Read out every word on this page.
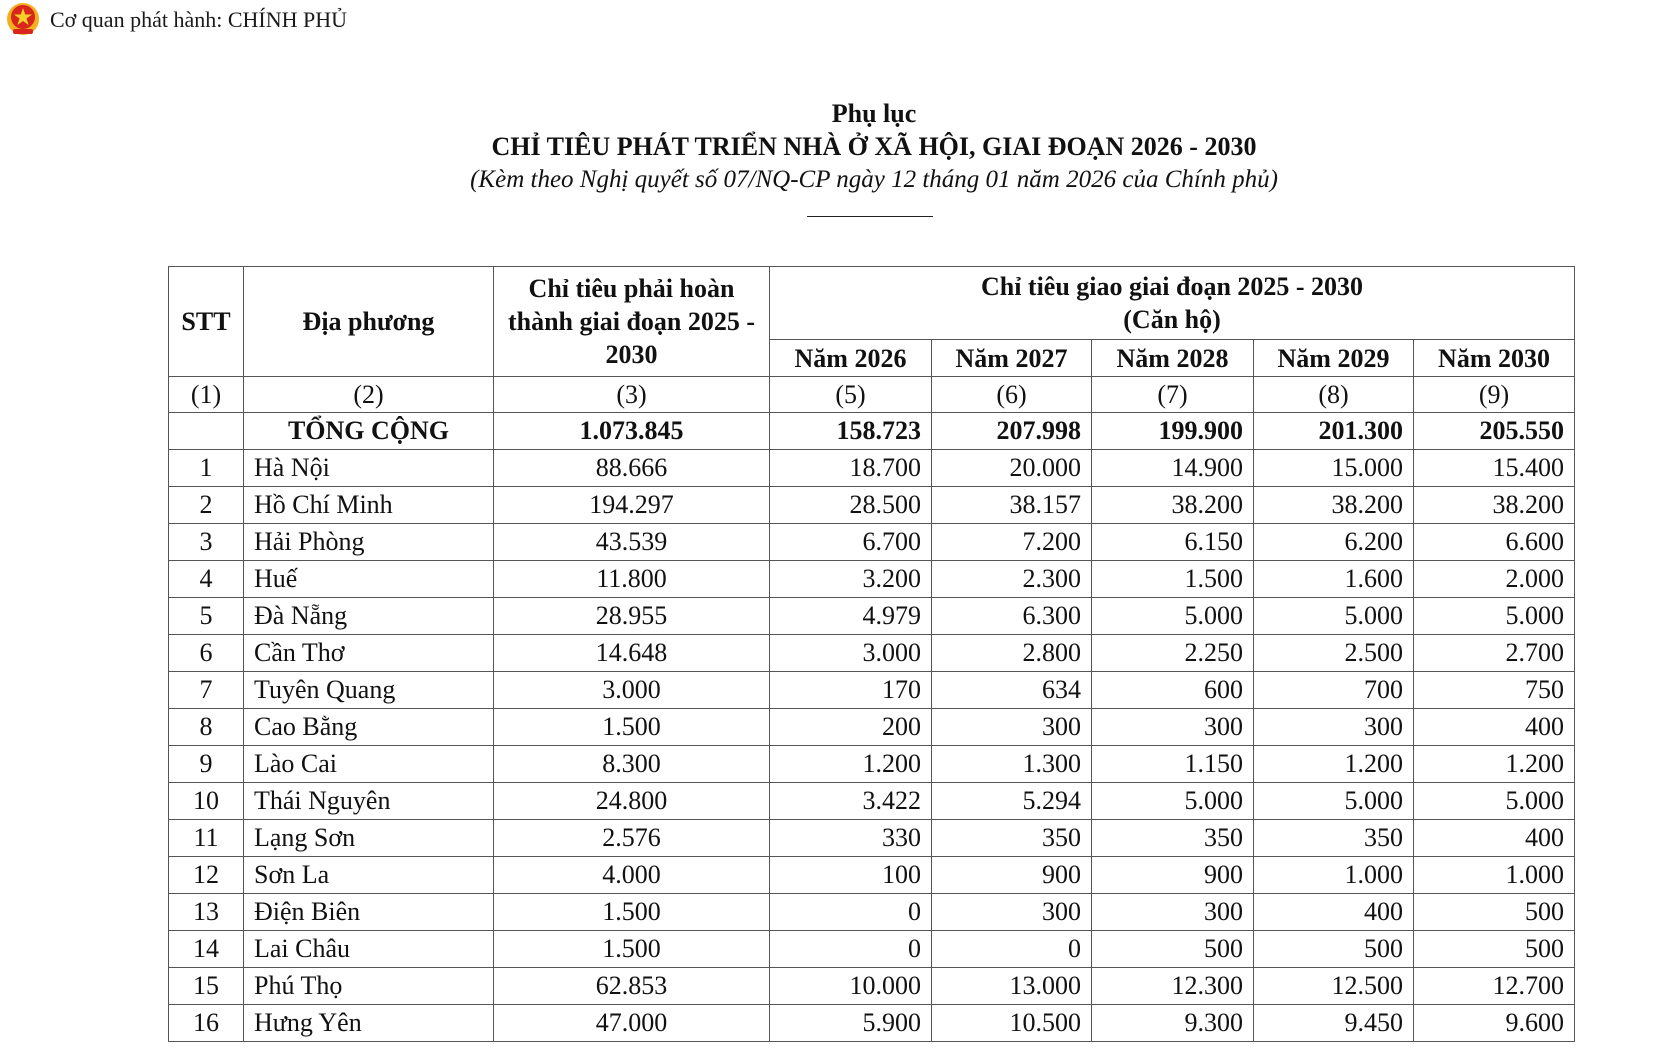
Cơ quan phát hành: CHÍNH PHỦ
Phụ lục
CHỈ TIÊU PHÁT TRIỂN NHÀ Ở XÃ HỘI, GIAI ĐOẠN 2026 - 2030
(Kèm theo Nghị quyết số 07/NQ-CP ngày 12 tháng 01 năm 2026 của Chính phủ)
STT	Địa phương	Chỉ tiêu phải hoàn thành giai đoạn 2025 - 2030	Chỉ tiêu giao giai đoạn 2025 - 2030
(Căn hộ)				

			Năm 2026	Năm 2027	Năm 2028	Năm 2029	Năm 2030
(1)	(2)	(3)	(5)	(6)	(7)	(8)	(9)
	TỔNG CỘNG	1.073.845	158.723	207.998	199.900	201.300	205.550
1	Hà Nội	88.666	18.700	20.000	14.900	15.000	15.400
2	Hồ Chí Minh	194.297	28.500	38.157	38.200	38.200	38.200
3	Hải Phòng	43.539	6.700	7.200	6.150	6.200	6.600
4	Huế	11.800	3.200	2.300	1.500	1.600	2.000
5	Đà Nẵng	28.955	4.979	6.300	5.000	5.000	5.000
6	Cần Thơ	14.648	3.000	2.800	2.250	2.500	2.700
7	Tuyên Quang	3.000	170	634	600	700	750
8	Cao Bằng	1.500	200	300	300	300	400
9	Lào Cai	8.300	1.200	1.300	1.150	1.200	1.200
10	Thái Nguyên	24.800	3.422	5.294	5.000	5.000	5.000
11	Lạng Sơn	2.576	330	350	350	350	400
12	Sơn La	4.000	100	900	900	1.000	1.000
13	Điện Biên	1.500	0	300	300	400	500
14	Lai Châu	1.500	0	0	500	500	500
15	Phú Thọ	62.853	10.000	13.000	12.300	12.500	12.700
16	Hưng Yên	47.000	5.900	10.500	9.300	9.450	9.600
